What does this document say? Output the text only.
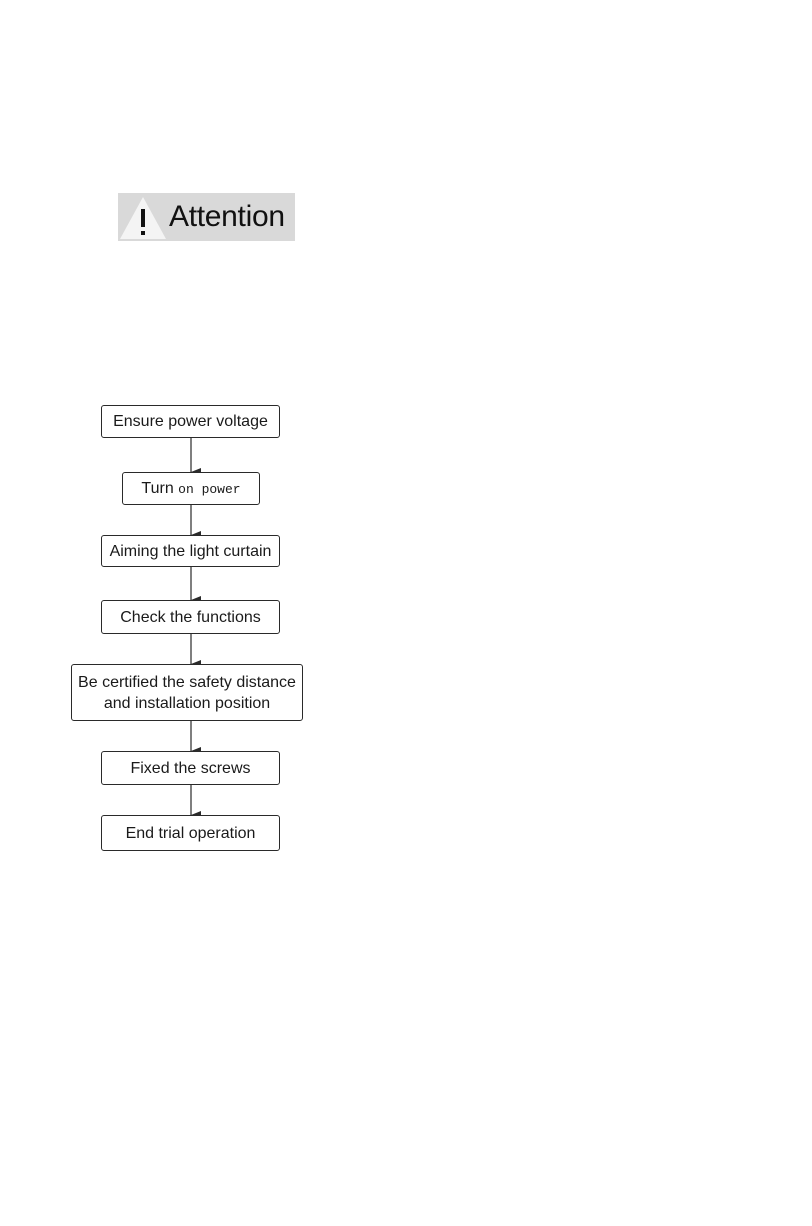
Attention
Ensure power voltage
Turn on power
Aiming the light curtain
Check the functions
Be certified the safety distance
and installation position
Fixed the screws
End trial operation
